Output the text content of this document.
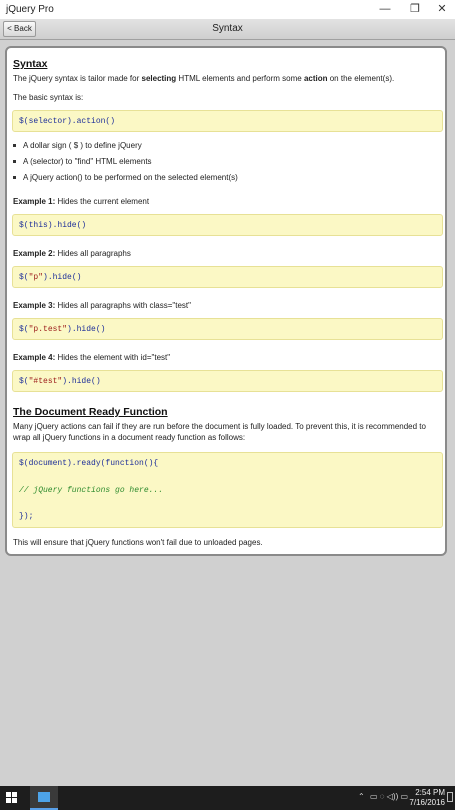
jQuery Pro	—	❐	✕
< Back	Syntax
Syntax

The jQuery syntax is tailor made for selecting HTML elements and perform some action on the element(s).

The basic syntax is:

$(selector).action()
A dollar sign ( $ ) to define jQuery
A (selector) to "find" HTML elements
A jQuery action() to be performed on the selected element(s)

Example 1: Hides the current element

$(this).hide()

Example 2: Hides all paragraphs

$("p").hide()

Example 3: Hides all paragraphs with class="test"

$("p.test").hide()

Example 4: Hides the element with id="test"

$("#test").hide()
The Document Ready Function

Many jQuery actions can fail if they are run before the document is fully loaded. To prevent this, it is recommended to wrap all jQuery functions in a document ready function as follows:

$(document).ready(function(){
// jQuery functions go here...
});

This will ensure that jQuery functions won't fail due to unloaded pages.

⌃ ▭ ◌ ◁)) ▭ 2:54 PM
7/16/2016
